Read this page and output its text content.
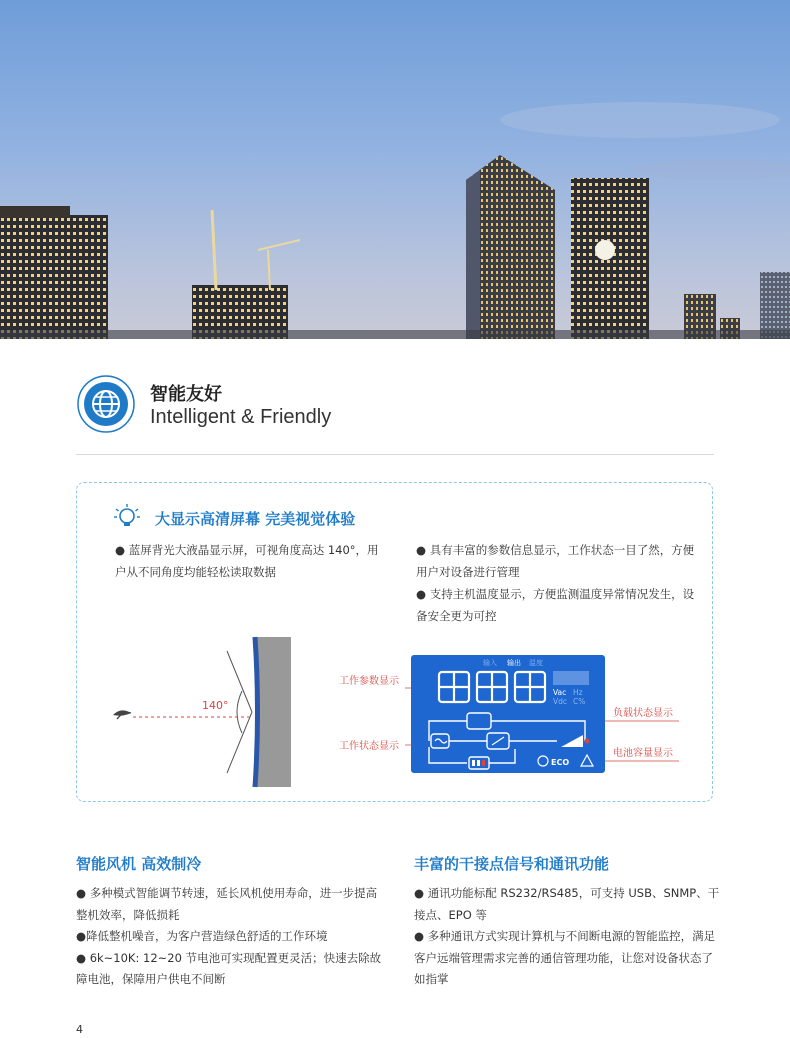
智能友好
Intelligent & Friendly
大显示高清屏幕 完美视觉体验

● 蓝屏背光大液晶显示屏，可视角度高达 140°，用户从不同角度均能轻松读取数据

● 具有丰富的参数信息显示，工作状态一目了然，方便用户对设备进行管理

● 支持主机温度显示，方便监测温度异常情况发生，设备安全更为可控

140°
工作参数显示
工作状态显示
负载状态显示
电池容量显示
输入 输出 温度
Vac Hz
Vdc C%
ECO
智能风机 高效制冷

● 多种模式智能调节转速，延长风机使用寿命，进一步提高整机效率，降低损耗

●降低整机噪音，为客户营造绿色舒适的工作环境

● 6k~10K: 12~20 节电池可实现配置更灵活；快速去除故障电池，保障用户供电不间断

丰富的干接点信号和通讯功能

● 通讯功能标配 RS232/RS485，可支持 USB、SNMP、干接点、EPO 等

● 多种通讯方式实现计算机与不间断电源的智能监控，满足客户远端管理需求完善的通信管理功能，让您对设备状态了如指掌

4
